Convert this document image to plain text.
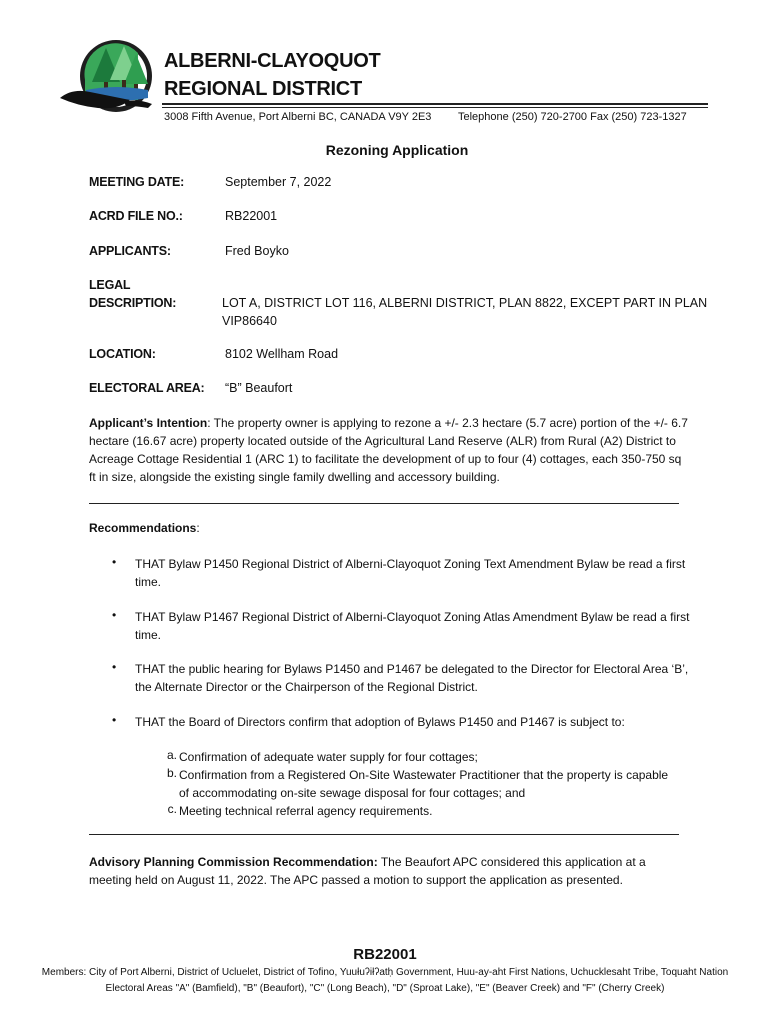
ALBERNI-CLAYOQUOT
REGIONAL DISTRICT
3008 Fifth Avenue, Port Alberni BC, CANADA V9Y 2E3 Telephone (250) 720-2700 Fax (250) 723-1327
Rezoning Application
MEETING DATE:	September 7, 2022
ACRD FILE NO.:	RB22001
APPLICANTS:	Fred Boyko
LEGAL
DESCRIPTION:	LOT A, DISTRICT LOT 116, ALBERNI DISTRICT, PLAN 8822, EXCEPT PART IN PLAN
VIP86640
LOCATION:	8102 Wellham Road
ELECTORAL AREA: “B” Beaufort
Applicant’s Intention: The property owner is applying to rezone a +/- 2.3 hectare (5.7 acre) portion of the +/- 6.7 hectare (16.67 acre) property located outside of the Agricultural Land Reserve (ALR) from Rural (A2) District to Acreage Cottage Residential 1 (ARC 1) to facilitate the development of up to four (4) cottages, each 350-750 sq ft in size, alongside the existing single family dwelling and accessory building.
Recommendations:
• THAT Bylaw P1450 Regional District of Alberni-Clayoquot Zoning Text Amendment Bylaw be read a first time.
• THAT Bylaw P1467 Regional District of Alberni-Clayoquot Zoning Atlas Amendment Bylaw be read a first time.
• THAT the public hearing for Bylaws P1450 and P1467 be delegated to the Director for Electoral Area ‘B’, the Alternate Director or the Chairperson of the Regional District.
• THAT the Board of Directors confirm that adoption of Bylaws P1450 and P1467 is subject to:
a. Confirmation of adequate water supply for four cottages;
b. Confirmation from a Registered On-Site Wastewater Practitioner that the property is capable of accommodating on-site sewage disposal for four cottages; and
c. Meeting technical referral agency requirements.
Advisory Planning Commission Recommendation: The Beaufort APC considered this application at a meeting held on August 11, 2022. The APC passed a motion to support the application as presented.
RB22001
Members: City of Port Alberni, District of Ucluelet, District of Tofino, Yuułuʔiłʔatḥ Government, Huu-ay-aht First Nations, Uchucklesaht Tribe, Toquaht Nation
Electoral Areas "A" (Bamfield), "B" (Beaufort), "C" (Long Beach), "D" (Sproat Lake), "E" (Beaver Creek) and "F" (Cherry Creek)
